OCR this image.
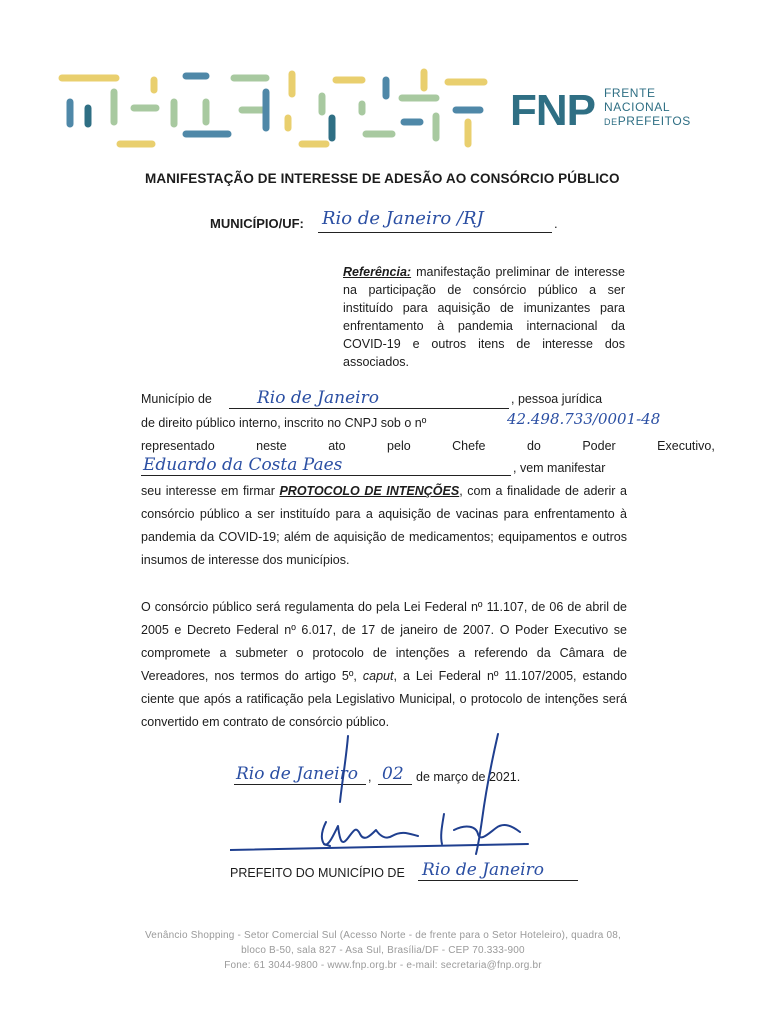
FNP FRENTE
NACIONAL
DEPREFEITOS
MANIFESTAÇÃO DE INTERESSE DE ADESÃO AO CONSÓRCIO PÚBLICO
MUNICÍPIO/UF: Rio de Janeiro /RJ	.
Referência: manifestação preliminar de interesse na participação de consórcio público a ser instituído para aquisição de imunizantes para enfrentamento à pandemia internacional da COVID-19 e outros itens de interesse dos associados.
Município de	Rio de Janeiro	, pessoa jurídica
de direito público interno, inscrito no CNPJ sob o nº	42.498.733/0001-48
representado neste ato pelo Chefe do Poder Executivo,
Eduardo da Costa Paes	, vem manifestar
seu interesse em firmar PROTOCOLO DE INTENÇÕES, com a finalidade de aderir a consórcio público a ser instituído para a aquisição de vacinas para enfrentamento à pandemia da COVID-19; além de aquisição de medicamentos; equipamentos e outros insumos de interesse dos municípios.
O consórcio público será regulamenta do pela Lei Federal nº 11.107, de 06 de abril de 2005 e Decreto Federal nº 6.017, de 17 de janeiro de 2007. O Poder Executivo se compromete a submeter o protocolo de intenções a referendo da Câmara de Vereadores, nos termos do artigo 5º, caput, a Lei Federal nº 11.107/2005, estando ciente que após a ratificação pela Legislativo Municipal, o protocolo de intenções será convertido em contrato de consórcio público.
Rio de Janeiro , 02 de março de 2021.
PREFEITO DO MUNICÍPIO DE Rio de Janeiro
Venâncio Shopping - Setor Comercial Sul (Acesso Norte - de frente para o Setor Hoteleiro), quadra 08,
bloco B-50, sala 827 - Asa Sul, Brasília/DF - CEP 70.333-900
Fone: 61 3044-9800 - www.fnp.org.br - e-mail: secretaria@fnp.org.br
